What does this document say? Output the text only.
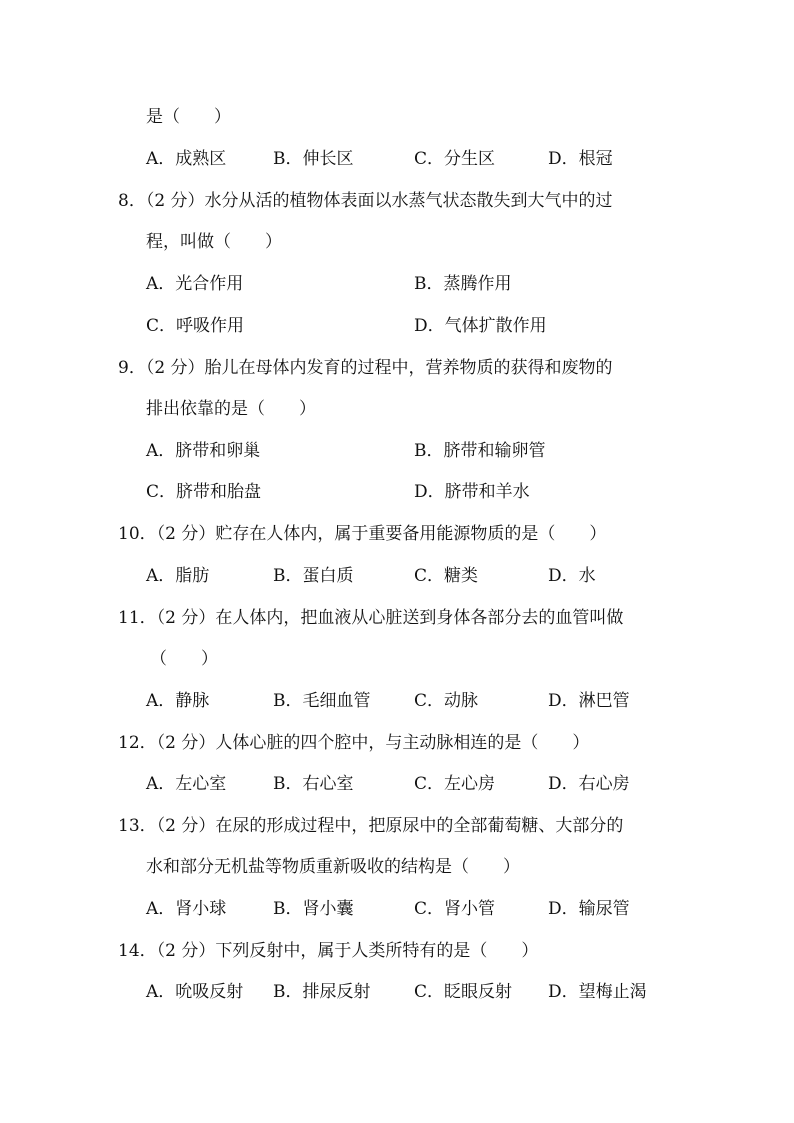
是（　　）
A．成熟区	B．伸长区	C．分生区	D．根冠
8．（2 分）水分从活的植物体表面以水蒸气状态散失到大气中的过
程，叫做（　　）
A．光合作用	B．蒸腾作用
C．呼吸作用	D．气体扩散作用
9．（2 分）胎儿在母体内发育的过程中，营养物质的获得和废物的
排出依靠的是（　　）
A．脐带和卵巢	B．脐带和输卵管
C．脐带和胎盘	D．脐带和羊水
10．（2 分）贮存在人体内，属于重要备用能源物质的是（　　）
A．脂肪	B．蛋白质	C．糖类	D．水
11．（2 分）在人体内，把血液从心脏送到身体各部分去的血管叫做
（　　）
A．静脉	B．毛细血管	C．动脉	D．淋巴管
12．（2 分）人体心脏的四个腔中，与主动脉相连的是（　　）
A．左心室	B．右心室	C．左心房	D．右心房
13．（2 分）在尿的形成过程中，把原尿中的全部葡萄糖、大部分的
水和部分无机盐等物质重新吸收的结构是（　　）
A．肾小球	B．肾小囊	C．肾小管	D．输尿管
14．（2 分）下列反射中，属于人类所特有的是（　　）
A．吮吸反射 B．排尿反射	C．眨眼反射 D．望梅止渴
